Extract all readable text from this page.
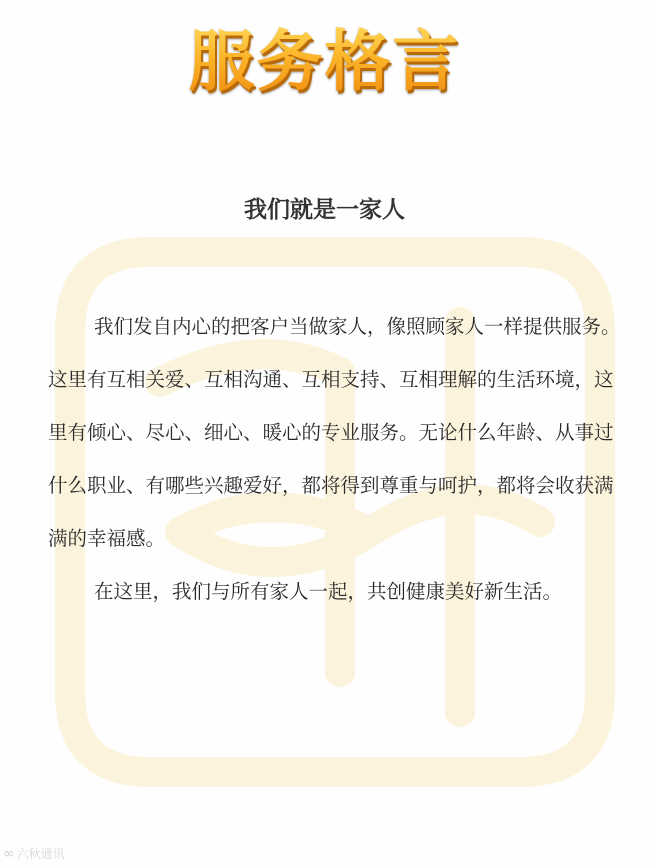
服务格言
我们就是一家人

我们发自内心的把客户当做家人，像照顾家人一样提供服务。这里有互相关爱、互相沟通、互相支持、互相理解的生活环境，这里有倾心、尽心、细心、暖心的专业服务。无论什么年龄、从事过什么职业、有哪些兴趣爱好，都将得到尊重与呵护，都将会收获满满的幸福感。

在这里，我们与所有家人一起，共创健康美好新生活。

∞ 六秋通讯
